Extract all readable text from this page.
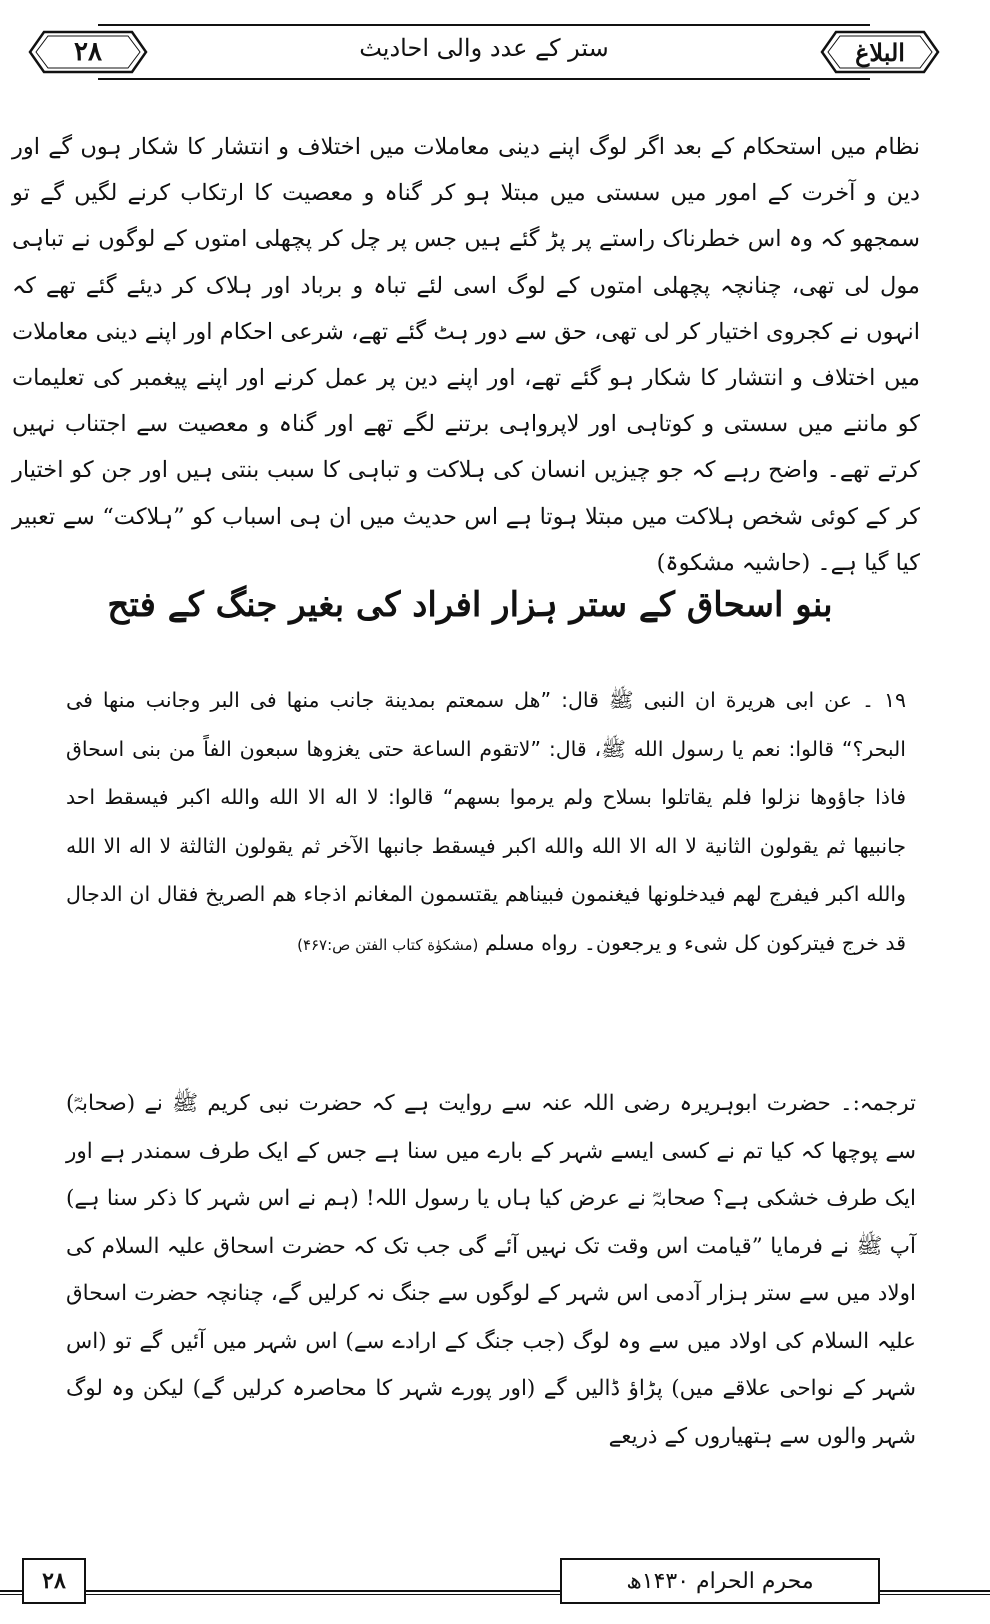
۲۸	ستر کے عدد والی احادیث	البلاغ
نظام میں استحکام کے بعد اگر لوگ اپنے دینی معاملات میں اختلاف و انتشار کا شکار ہوں گے اور دین و آخرت کے امور میں سستی میں مبتلا ہو کر گناہ و معصیت کا ارتکاب کرنے لگیں گے تو سمجھو کہ وہ اس خطرناک راستے پر پڑ گئے ہیں جس پر چل کر پچھلی امتوں کے لوگوں نے تباہی مول لی تھی، چنانچہ پچھلی امتوں کے لوگ اسی لئے تباہ و برباد اور ہلاک کر دیئے گئے تھے کہ انہوں نے کجروی اختیار کر لی تھی، حق سے دور ہٹ گئے تھے، شرعی احکام اور اپنے دینی معاملات میں اختلاف و انتشار کا شکار ہو گئے تھے، اور اپنے دین پر عمل کرنے اور اپنے پیغمبر کی تعلیمات کو ماننے میں سستی و کوتاہی اور لاپرواہی برتنے لگے تھے اور گناہ و معصیت سے اجتناب نہیں کرتے تھے۔ واضح رہے کہ جو چیزیں انسان کی ہلاکت و تباہی کا سبب بنتی ہیں اور جن کو اختیار کر کے کوئی شخص ہلاکت میں مبتلا ہوتا ہے اس حدیث میں ان ہی اسباب کو ”ہلاکت“ سے تعبیر کیا گیا ہے۔ (حاشیہ مشکوۃ)
بنو اسحاق کے ستر ہزار افراد کی بغیر جنگ کے فتح
۱۹ ۔ عن ابی هريرة ان النبی ﷺ قال: ”هل سمعتم بمدينة جانب منها فی البر وجانب منها فی البحر؟“ قالوا: نعم يا رسول الله ﷺ، قال: ”لاتقوم الساعة حتی يغزوها سبعون الفاً من بنی اسحاق فاذا جاؤوها نزلوا فلم يقاتلوا بسلاح ولم يرموا بسهم“ قالوا: لا اله الا الله والله اكبر فيسقط احد جانبيها ثم يقولون الثانية لا اله الا الله والله اكبر فيسقط جانبها الآخر ثم يقولون الثالثة لا اله الا الله والله اكبر فيفرج لهم فيدخلونها فيغنمون فبيناهم يقتسمون المغانم اذجاء هم الصريخ فقال ان الدجال قد خرج فيتركون كل شیء و يرجعون۔ رواه مسلم (مشکوٰة کتاب الفتن ص:۴۶۷)
ترجمہ:۔ حضرت ابوہریرہ رضی اللہ عنہ سے روایت ہے کہ حضرت نبی کریم ﷺ نے (صحابہؓ) سے پوچھا کہ کیا تم نے کسی ایسے شہر کے بارے میں سنا ہے جس کے ایک طرف سمندر ہے اور ایک طرف خشکی ہے؟ صحابہؓ نے عرض کیا ہاں یا رسول اللہ! (ہم نے اس شہر کا ذکر سنا ہے) آپ ﷺ نے فرمایا ”قیامت اس وقت تک نہیں آئے گی جب تک کہ حضرت اسحاق علیہ السلام کی اولاد میں سے ستر ہزار آدمی اس شہر کے لوگوں سے جنگ نہ کرلیں گے، چنانچہ حضرت اسحاق علیہ السلام کی اولاد میں سے وہ لوگ (جب جنگ کے ارادے سے) اس شہر میں آئیں گے تو (اس شہر کے نواحی علاقے میں) پڑاؤ ڈالیں گے (اور پورے شہر کا محاصرہ کرلیں گے) لیکن وہ لوگ شہر والوں سے ہتھیاروں کے ذریعے
۲۸	محرم الحرام ۱۴۳۰ھ
